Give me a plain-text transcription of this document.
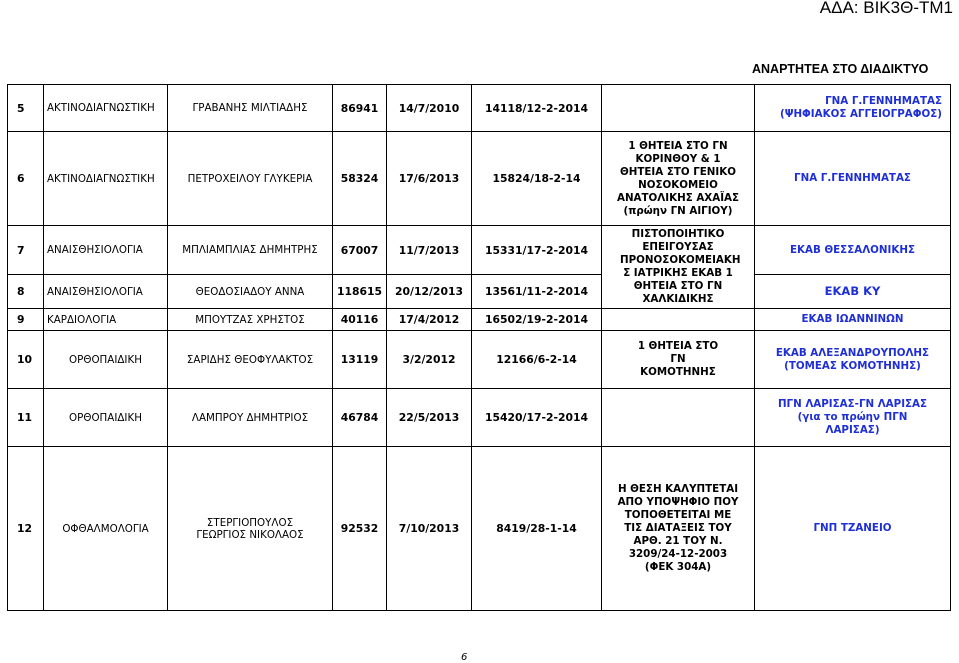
ΑΔΑ: ΒΙΚ3Θ-ΤΜ1
ΑΝΑΡΤΗΤΕΑ ΣΤΟ ΔΙΑΔΙΚΤΥΟ
5	ΑΚΤΙΝΟΔΙΑΓΝΩΣΤΙΚΗ	ΓΡΑΒΑΝΗΣ ΜΙΛΤΙΑΔΗΣ	86941	14/7/2010	14118/12-2-2014		ΓΝΑ Γ.ΓΕΝΝΗΜΑΤΑΣ (ΨΗΦΙΑΚΟΣ ΑΓΓΕΙΟΓΡΑΦΟΣ)
6	ΑΚΤΙΝΟΔΙΑΓΝΩΣΤΙΚΗ	ΠΕΤΡΟΧΕΙΛΟΥ ΓΛΥΚΕΡΙΑ	58324	17/6/2013	15824/18-2-14	1 ΘΗΤΕΙΑ ΣΤΟ ΓΝ ΚΟΡΙΝΘΟΥ & 1 ΘΗΤΕΙΑ ΣΤΟ ΓΕΝΙΚΟ ΝΟΣΟΚΟΜΕΙΟ ΑΝΑΤΟΛΙΚΗΣ ΑΧΑΪΑΣ (πρώην ΓΝ ΑΙΓΙΟΥ)	ΓΝΑ Γ.ΓΕΝΝΗΜΑΤΑΣ
7	ΑΝΑΙΣΘΗΣΙΟΛΟΓΙΑ	ΜΠΛΙΑΜΠΛΙΑΣ ΔΗΜΗΤΡΗΣ	67007	11/7/2013	15331/17-2-2014	ΠΙΣΤΟΠΟΙΗΤΙΚΟ ΕΠΕΙΓΟΥΣΑΣ ΠΡΟΝΟΣΟΚΟΜΕΙΑΚΗ Σ ΙΑΤΡΙΚΗΣ ΕΚΑΒ 1 ΘΗΤΕΙΑ ΣΤΟ ΓΝ ΧΑΛΚΙΔΙΚΗΣ	ΕΚΑΒ ΘΕΣΣΑΛΟΝΙΚΗΣ
8	ΑΝΑΙΣΘΗΣΙΟΛΟΓΙΑ	ΘΕΟΔΟΣΙΑΔΟΥ ΑΝΝΑ	118615	20/12/2013	13561/11-2-2014		ΕΚΑΒ ΚΥ
9	ΚΑΡΔΙΟΛΟΓΙΑ	ΜΠΟΥΤΖΑΣ ΧΡΗΣΤΟΣ	40116	17/4/2012	16502/19-2-2014		ΕΚΑΒ ΙΩΑΝΝΙΝΩΝ
10	ΟΡΘΟΠΑΙΔΙΚΗ	ΣΑΡΙΔΗΣ ΘΕΟΦΥΛΑΚΤΟΣ	13119	3/2/2012	12166/6-2-14	1 ΘΗΤΕΙΑ ΣΤΟ ΓΝ ΚΟΜΟΤΗΝΗΣ	ΕΚΑΒ ΑΛΕΞΑΝΔΡΟΥΠΟΛΗΣ (ΤΟΜΕΑΣ ΚΟΜΟΤΗΝΗΣ)
11	ΟΡΘΟΠΑΙΔΙΚΗ	ΛΑΜΠΡΟΥ ΔΗΜΗΤΡΙΟΣ	46784	22/5/2013	15420/17-2-2014		ΠΓΝ ΛΑΡΙΣΑΣ-ΓΝ ΛΑΡΙΣΑΣ (για το πρώην ΠΓΝ ΛΑΡΙΣΑΣ)
12	ΟΦΘΑΛΜΟΛΟΓΙΑ	ΣΤΕΡΓΙΟΠΟΥΛΟΣ ΓΕΩΡΓΙΟΣ ΝΙΚΟΛΑΟΣ	92532	7/10/2013	8419/28-1-14	Η ΘΕΣΗ ΚΑΛΥΠΤΕΤΑΙ ΑΠΟ ΥΠΟΨΗΦΙΟ ΠΟΥ ΤΟΠΟΘΕΤΕΙΤΑΙ ΜΕ ΤΙΣ ΔΙΑΤΑΞΕΙΣ ΤΟΥ ΑΡΘ. 21 ΤΟΥ Ν. 3209/24-12-2003 (ΦΕΚ 304Α)	ΓΝΠ ΤΖΑΝΕΙΟ
6
